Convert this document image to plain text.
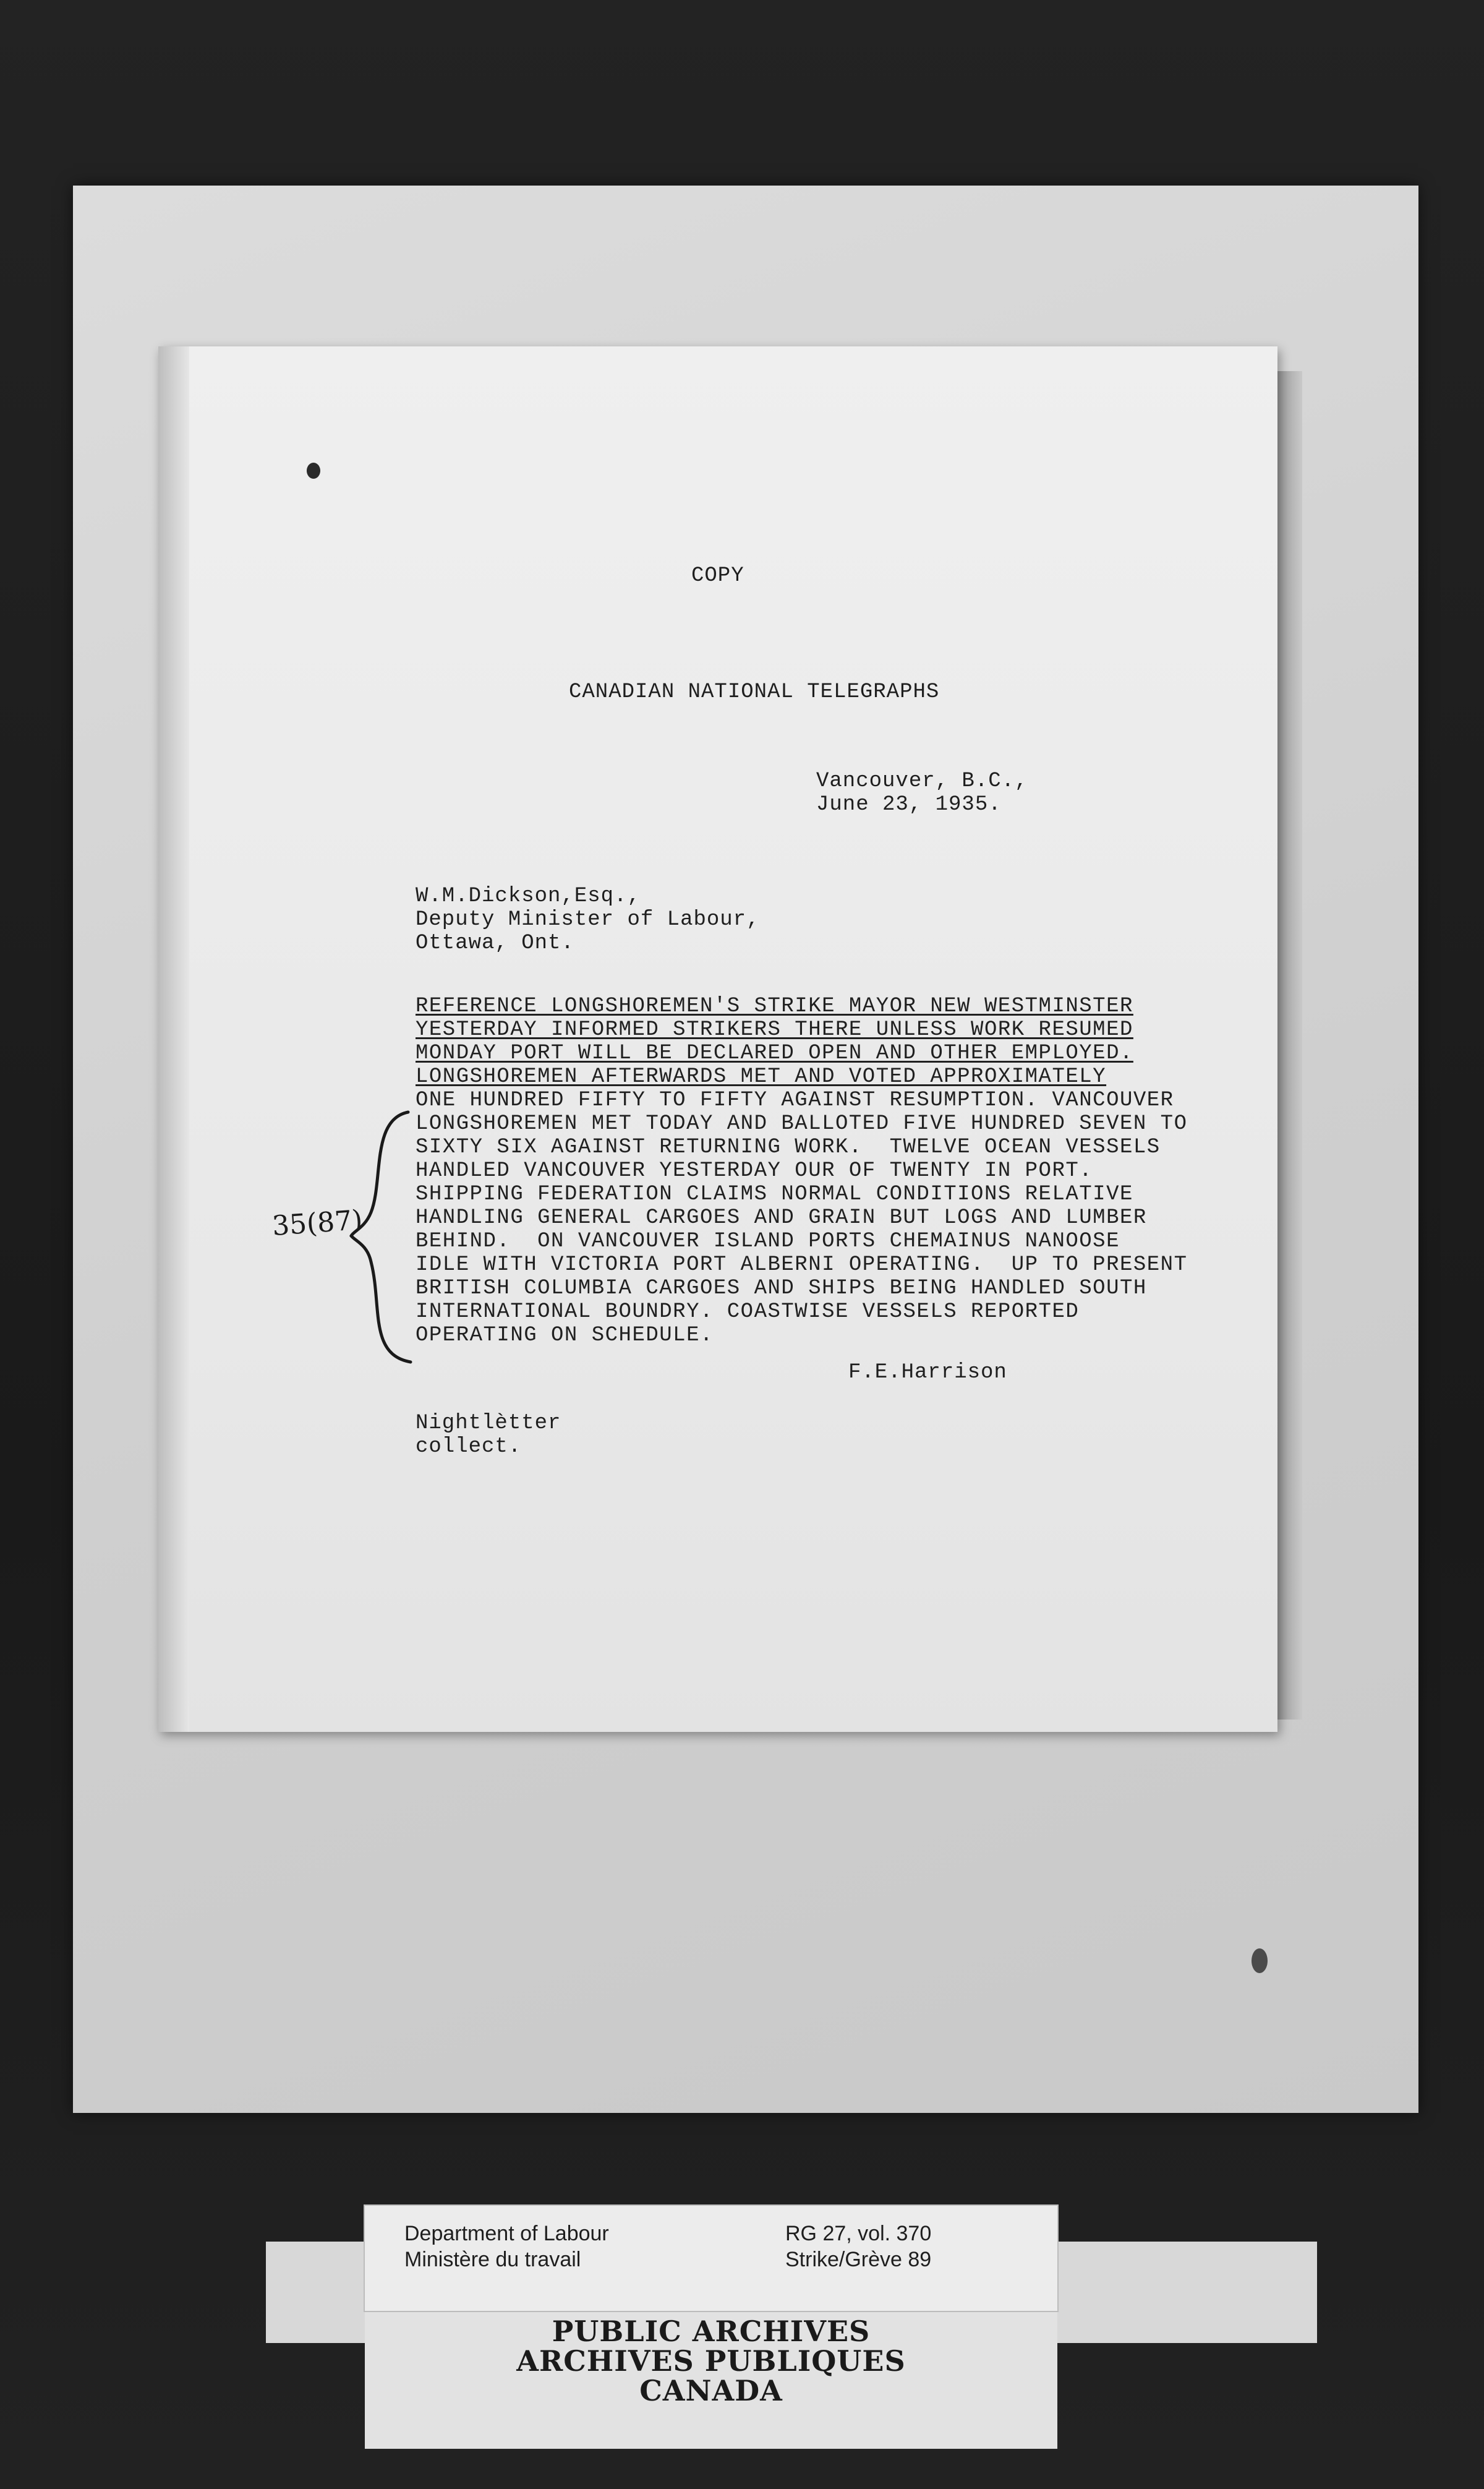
COPY
CANADIAN NATIONAL TELEGRAPHS
Vancouver, B.C.,
June 23, 1935.
W.M.Dickson,Esq.,
Deputy Minister of Labour,
Ottawa, Ont.
REFERENCE LONGSHOREMEN'S STRIKE MAYOR NEW WESTMINSTER
YESTERDAY INFORMED STRIKERS THERE UNLESS WORK RESUMED
MONDAY PORT WILL BE DECLARED OPEN AND OTHER EMPLOYED.
LONGSHOREMEN AFTERWARDS MET AND VOTED APPROXIMATELY
ONE HUNDRED FIFTY TO FIFTY AGAINST RESUMPTION. VANCOUVER
LONGSHOREMEN MET TODAY AND BALLOTED FIVE HUNDRED SEVEN TO
SIXTY SIX AGAINST RETURNING WORK.  TWELVE OCEAN VESSELS
HANDLED VANCOUVER YESTERDAY OUR OF TWENTY IN PORT.
SHIPPING FEDERATION CLAIMS NORMAL CONDITIONS RELATIVE
HANDLING GENERAL CARGOES AND GRAIN BUT LOGS AND LUMBER
BEHIND.  ON VANCOUVER ISLAND PORTS CHEMAINUS NANOOSE
IDLE WITH VICTORIA PORT ALBERNI OPERATING.  UP TO PRESENT
BRITISH COLUMBIA CARGOES AND SHIPS BEING HANDLED SOUTH
INTERNATIONAL BOUNDRY. COASTWISE VESSELS REPORTED
OPERATING ON SCHEDULE.
35(87)
F.E.Harrison
Nightlètter
collect.
Department of Labour
Ministère du travail
RG 27, vol. 370
Strike/Grève 89
PUBLIC ARCHIVES
ARCHIVES PUBLIQUES
CANADA
